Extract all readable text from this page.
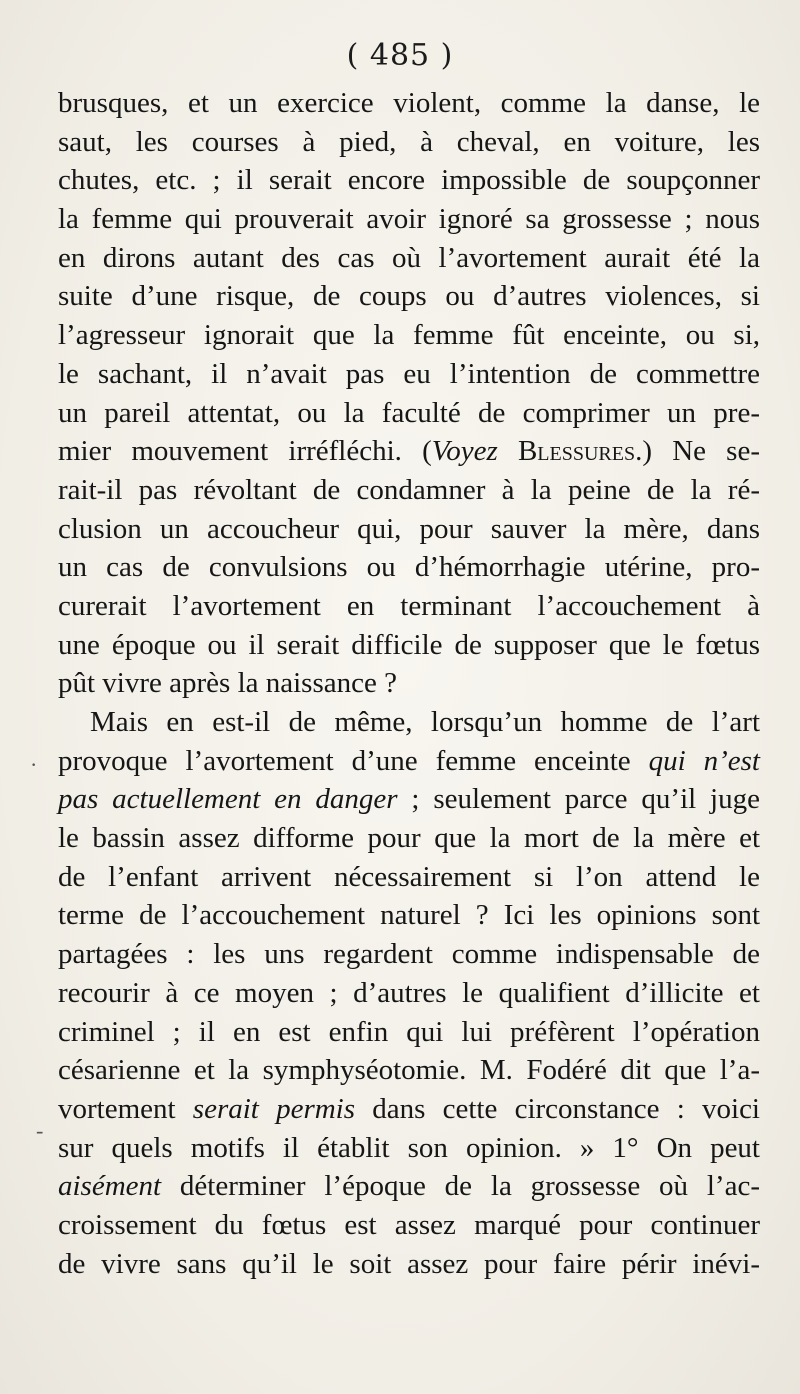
( 485 )
brusques, et un exercice violent, comme la danse, le
saut, les courses à pied, à cheval, en voiture, les
chutes, etc. ; il serait encore impossible de soupçonner
la femme qui prouverait avoir ignoré sa grossesse ; nous
en dirons autant des cas où l’avortement aurait été la
suite d’une risque, de coups ou d’autres violences, si
l’agresseur ignorait que la femme fût enceinte, ou si,
le sachant, il n’avait pas eu l’intention de commettre
un pareil attentat, ou la faculté de comprimer un pre-
mier mouvement irréfléchi. (Voyez Blessures.) Ne se-
rait-il pas révoltant de condamner à la peine de la ré-
clusion un accoucheur qui, pour sauver la mère, dans
un cas de convulsions ou d’hémorrhagie utérine, pro-
curerait l’avortement en terminant l’accouchement à
une époque ou il serait difficile de supposer que le fœtus
pût vivre après la naissance ?
Mais en est-il de même, lorsqu’un homme de l’art
provoque l’avortement d’une femme enceinte qui n’est
pas actuellement en danger ; seulement parce qu’il juge
le bassin assez difforme pour que la mort de la mère et
de l’enfant arrivent nécessairement si l’on attend le
terme de l’accouchement naturel ? Ici les opinions sont
partagées : les uns regardent comme indispensable de
recourir à ce moyen ; d’autres le qualifient d’illicite et
criminel ; il en est enfin qui lui préfèrent l’opération
césarienne et la symphyséotomie. M. Fodéré dit que l’a-
vortement serait permis dans cette circonstance : voici
sur quels motifs il établit son opinion. » 1° On peut
aisément déterminer l’époque de la grossesse où l’ac-
croissement du fœtus est assez marqué pour continuer
de vivre sans qu’il le soit assez pour faire périr inévi-
·
-
